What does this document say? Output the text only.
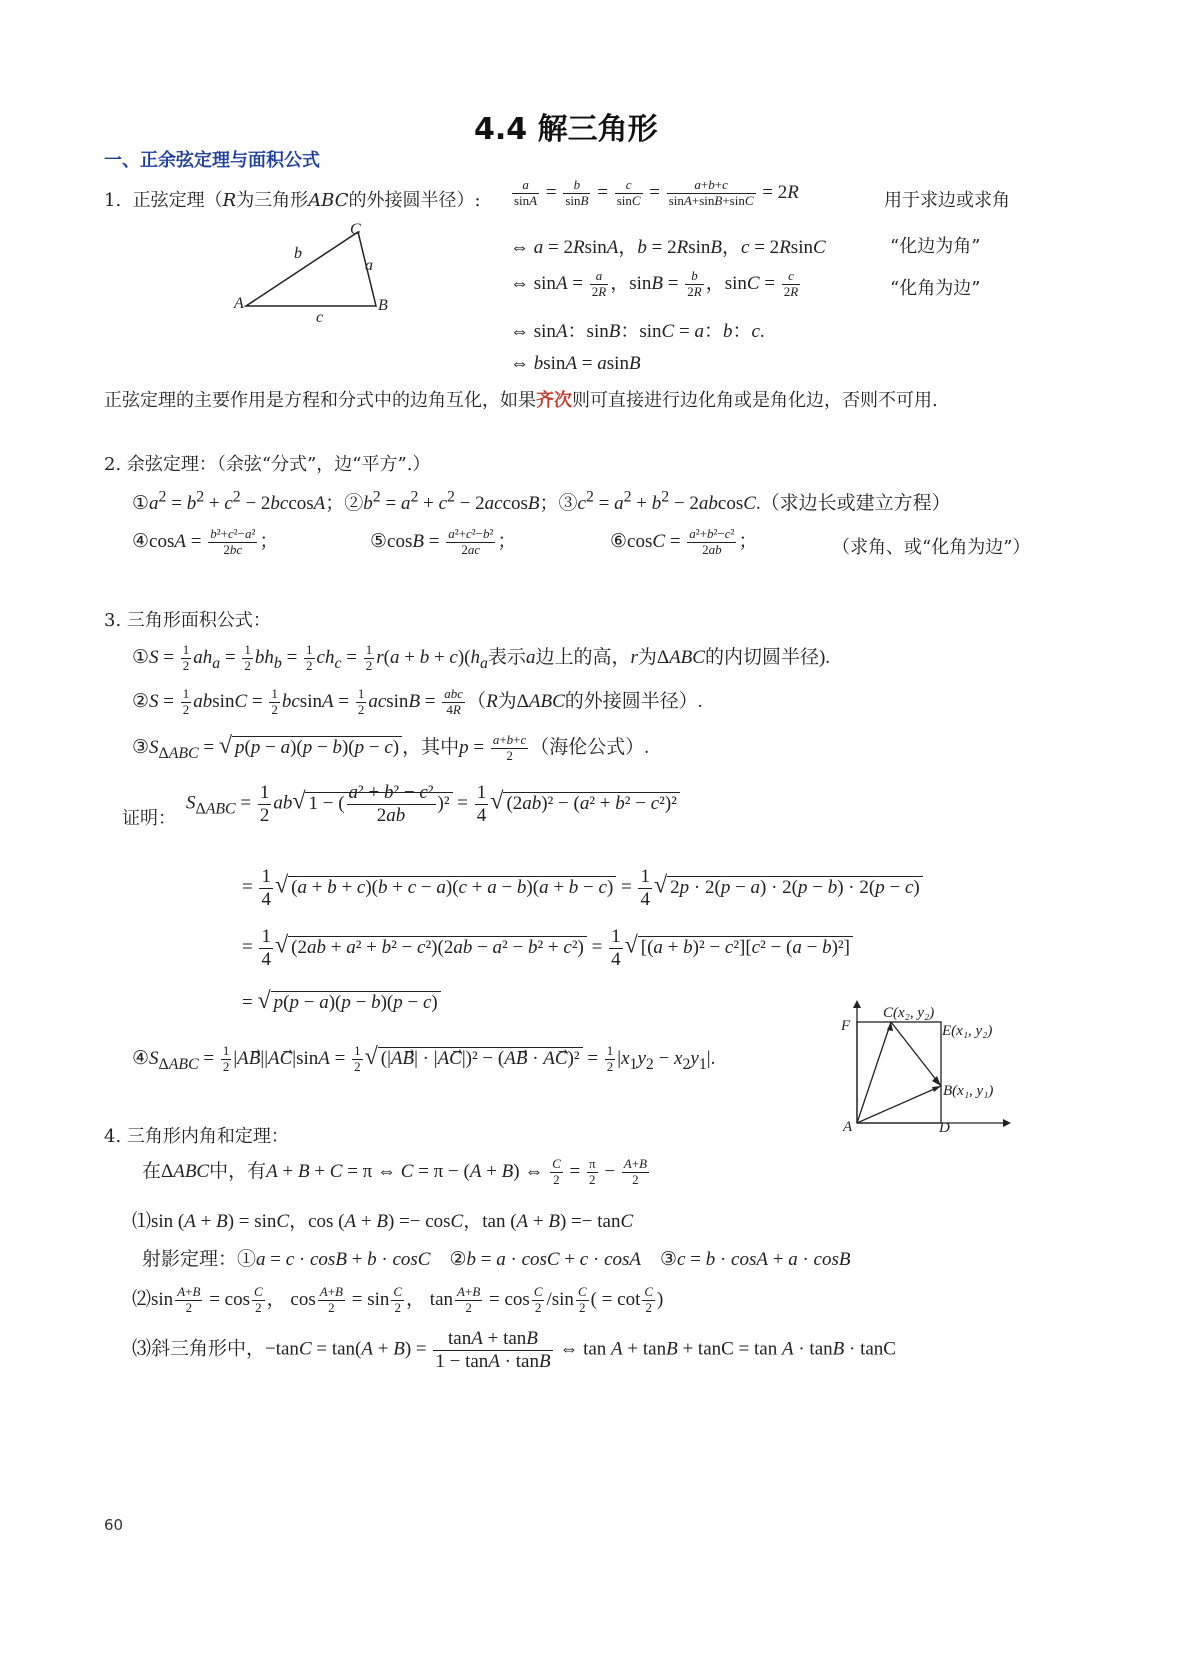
4.4 解三角形
一、正余弦定理与面积公式
1.  正弦定理（R为三角形ABC的外接圆半径）: $\frac{a}{\sin A} = \frac{b}{\sin B} = \frac{c}{\sin C} = \frac{a+b+c}{\sin A+\sin B+\sin C} = 2R$	用于求边或求角
⇔ a = 2RsinA，b = 2RsinB，c = 2RsinC	“化边为角”
⇔ $\sin A = \frac{a}{2R}$ ，$\sin B = \frac{b}{2R}$ ，$\sin C = \frac{c}{2R}$	“化角为边”
⇔ sinA：sinB：sinC = a：b：c.
⇔ bsinA = asinB
A	B
C
b
a
c
正弦定理的主要作用是方程和分式中的边角互化，如果齐次则可直接进行边化角或是角化边，否则不可用.
2. 余弦定理：（余弦“分式”，边“平方”.）
$①a^2 = b^2 + c^2 - 2bccosA$；$②b^2 = a^2 + c^2 - 2accosB$；$③c^2 = a^2 + b^2 - 2abcosC$.（求边长或建立方程）
④cosA = $\frac{\text{b²+c²−a²}}{2bc}$ ；	⑤cosB = $\frac{\text{a²+c²−b²}}{2ac}$ ；	⑥cosC = $\frac{\text{a²+b²−c²}}{2ab}$ ；	（求角、或“化角为边”）
3. 三角形面积公式：
①S = $\frac{1}{2} ah_a = \frac{1}{2} bh_b = \frac{1}{2} ch_c = \frac{1}{2} r(a + b + c)(h_a$表示a边上的高，r为ΔABC的内切圆半径).
②S = $\frac{1}{2}$ $absinC = \frac{1}{2}$ $bcsinA = \frac{1}{2}$ acsinB = abc
4R （R为ΔABC的外接圆半径）.
$③S_{\Delta ABC}$ = √ p(p − a)(p − b)(p − c) ，其中$p = \frac{a+b+c}{2}$ （海伦公式）.
证明：
$S_{\Delta ABC} = \frac{1}{2} ab√$ 1 − ( $\frac{\text{a² + b² − c²}}{2ab} )^2 = \frac{1}{4}$ √ (2ab)² − (a² + b² − c²)²
= $\frac{1}{4}$ √ $(a + b + c)(b + c - a)(c + a - b)(a + b - c) = \frac{1}{4}$ √ 2p · 2(p − a) · 2(p − b) · 2(p − c)
= $\frac{1}{4}$ √ $(2ab + a^2 + b^2 - c^2)(2ab - a^2 - b^2 + c^2) = \frac{1}{4}$ √ [(a + b)² − c²][c² − (a − b)²]
= √ p(p − a)(p − b)(p − c)
$④S_{\Delta ABC} = \frac{1}{2}$ |AB⃗||AC⃗|sinA = $\frac{1}{2}$ √ (|AB⃗| · |AC⃗|)² − (AB⃗ · AC⃗)² = $\frac{1}{2} |x_1y_2 - x_2y_1|$.
F
C(x₂, y₂)
E(x₁, y₂)
B(x₁, y₁)
A	D
4. 三角形内角和定理：
在ΔABC中，有A + B + C = π ⇔ C = π − (A + B) ⇔ $\frac{C}{2} = \frac{\pi}{2} - \frac{A+B}{2}$
⑴sin (A + B) = sinC，cos (A + B) =− cosC，tan (A + B) =− tanC
射影定理：①a = c · cosB + b · cosC    ②b = a · cosC + c · cosA    ③c = b · cosA + a · cosB
⑵sin $\frac{A+B}{2} = \cos \frac{C}{2}$ ， $\cos \frac{A+B}{2} = \sin \frac{C}{2}$ ， $\tan \frac{A+B}{2} = \cos \frac{C}{2} /\sin \frac{C}{2}$ ( = $\cot \frac{C}{2}$ )
⑶斜三角形中，$-\tan C = \tan(A + B) = \frac{\tan A + \tan B}{1 - \tan A \cdot \tan B}$ ⇔ tan A + tanB + tanC = tan A · tanB · tanC
60
